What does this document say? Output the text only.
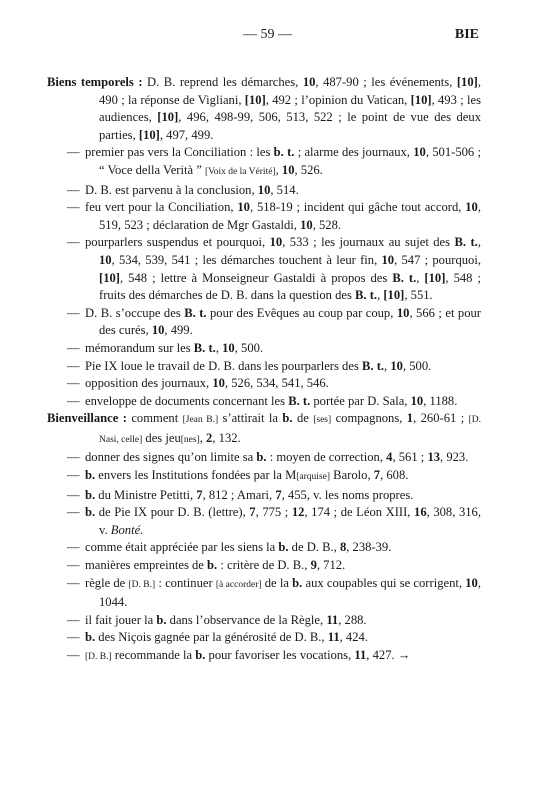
— 59 —	BIE

Biens temporels : D. B. reprend les démarches, 10, 487-90 ; les événements, [10], 490 ; la réponse de Vigliani, [10], 492 ; l’opinion du Vatican, [10], 493 ; les audiences, [10], 496, 498-99, 506, 513, 522 ; le point de vue des deux parties, [10], 497, 499.

— premier pas vers la Conciliation : les b. t. ; alarme des journaux, 10, 501-506 ; “ Voce della Verità ” [Voix de la Vérité], 10, 526.

— D. B. est parvenu à la conclusion, 10, 514.

— feu vert pour la Conciliation, 10, 518-19 ; incident qui gâche tout accord, 10, 519, 523 ; déclaration de Mgr Gastaldi, 10, 528.

— pourparlers suspendus et pourquoi, 10, 533 ; les journaux au sujet des B. t., 10, 534, 539, 541 ; les démarches touchent à leur fin, 10, 547 ; pourquoi, [10], 548 ; lettre à Monseigneur Gastaldi à propos des B. t., [10], 548 ; fruits des démarches de D. B. dans la question des B. t., [10], 551.

— D. B. s’occupe des B. t. pour des Evêques au coup par coup, 10, 566 ; et pour des curés, 10, 499.

— mémorandum sur les B. t., 10, 500.

— Pie IX loue le travail de D. B. dans les pourparlers des B. t., 10, 500.

— opposition des journaux, 10, 526, 534, 541, 546.

— enveloppe de documents concernant les B. t. portée par D. Sala, 10, 1188.

Bienveillance : comment [Jean B.] s’attirait la b. de [ses] compagnons, 1, 260-61 ; [D. Nasi, celle] des jeu[nes], 2, 132.

— donner des signes qu’on limite sa b. : moyen de correction, 4, 561 ; 13, 923.

— b. envers les Institutions fondées par la M[arquise] Barolo, 7, 608.

— b. du Ministre Petitti, 7, 812 ; Amari, 7, 455, v. les noms propres.

— b. de Pie IX pour D. B. (lettre), 7, 775 ; 12, 174 ; de Léon XIII, 16, 308, 316, v. Bonté.

— comme était appréciée par les siens la b. de D. B., 8, 238-39.

— manières empreintes de b. : critère de D. B., 9, 712.

— règle de [D. B.] : continuer [à accorder] de la b. aux coupables qui se corrigent, 10, 1044.

— il fait jouer la b. dans l’observance de la Règle, 11, 288.

— b. des Niçois gagnée par la générosité de D. B., 11, 424.

— [D. B.] recommande la b. pour favoriser les vocations, 11, 427. →
